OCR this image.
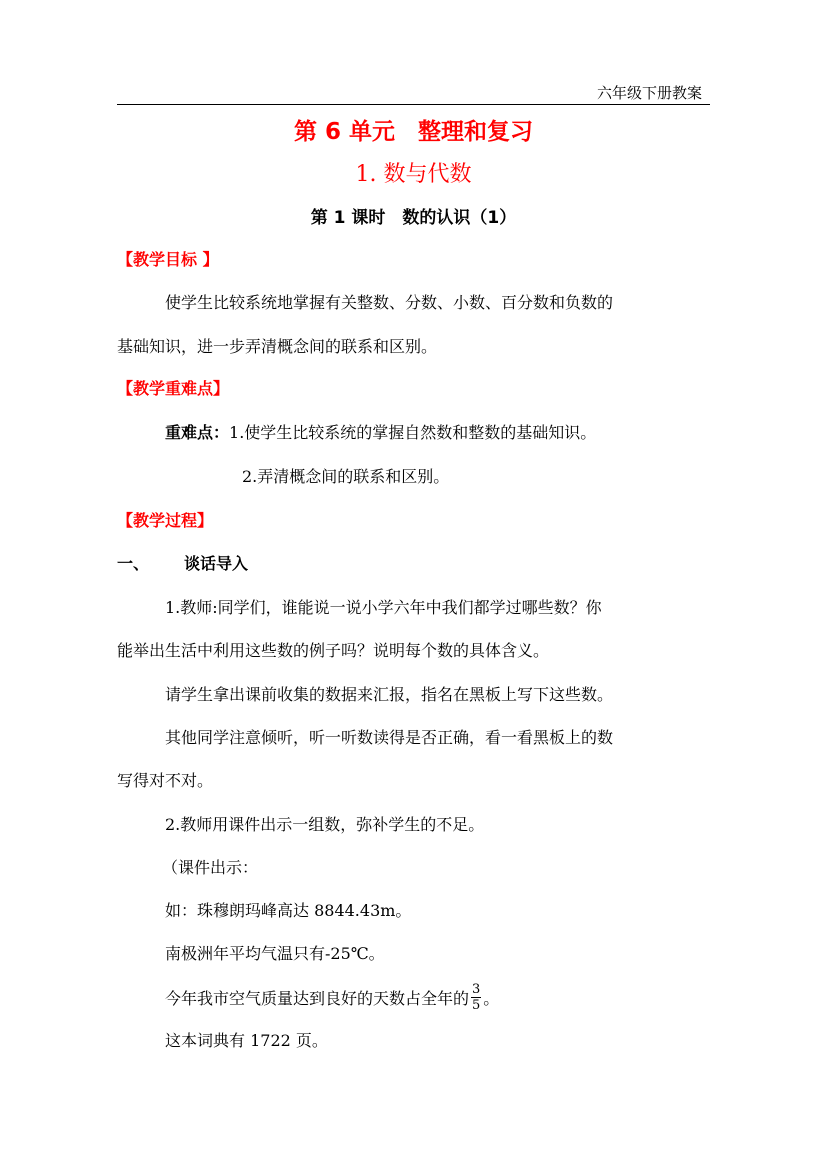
六年级下册教案
第 6 单元　整理和复习
1. 数与代数
第 1 课时　数的认识（1）
【教学目标 】
使学生比较系统地掌握有关整数、分数、小数、百分数和负数的
基础知识，进一步弄清概念间的联系和区别。
【教学重难点】
重难点：1.使学生比较系统的掌握自然数和整数的基础知识。
2.弄清概念间的联系和区别。
【教学过程】
一、 谈话导入
1.教师:同学们，谁能说一说小学六年中我们都学过哪些数？你
能举出生活中利用这些数的例子吗？说明每个数的具体含义。
请学生拿出课前收集的数据来汇报，指名在黑板上写下这些数。
其他同学注意倾听，听一听数读得是否正确，看一看黑板上的数
写得对不对。
2.教师用课件出示一组数，弥补学生的不足。
（课件出示：
如：珠穆朗玛峰高达 8844.43m。
南极洲年平均气温只有-25℃。
今年我市空气质量达到良好的天数占全年的 $\frac{3}{5}$ 。
这本词典有 1722 页。
